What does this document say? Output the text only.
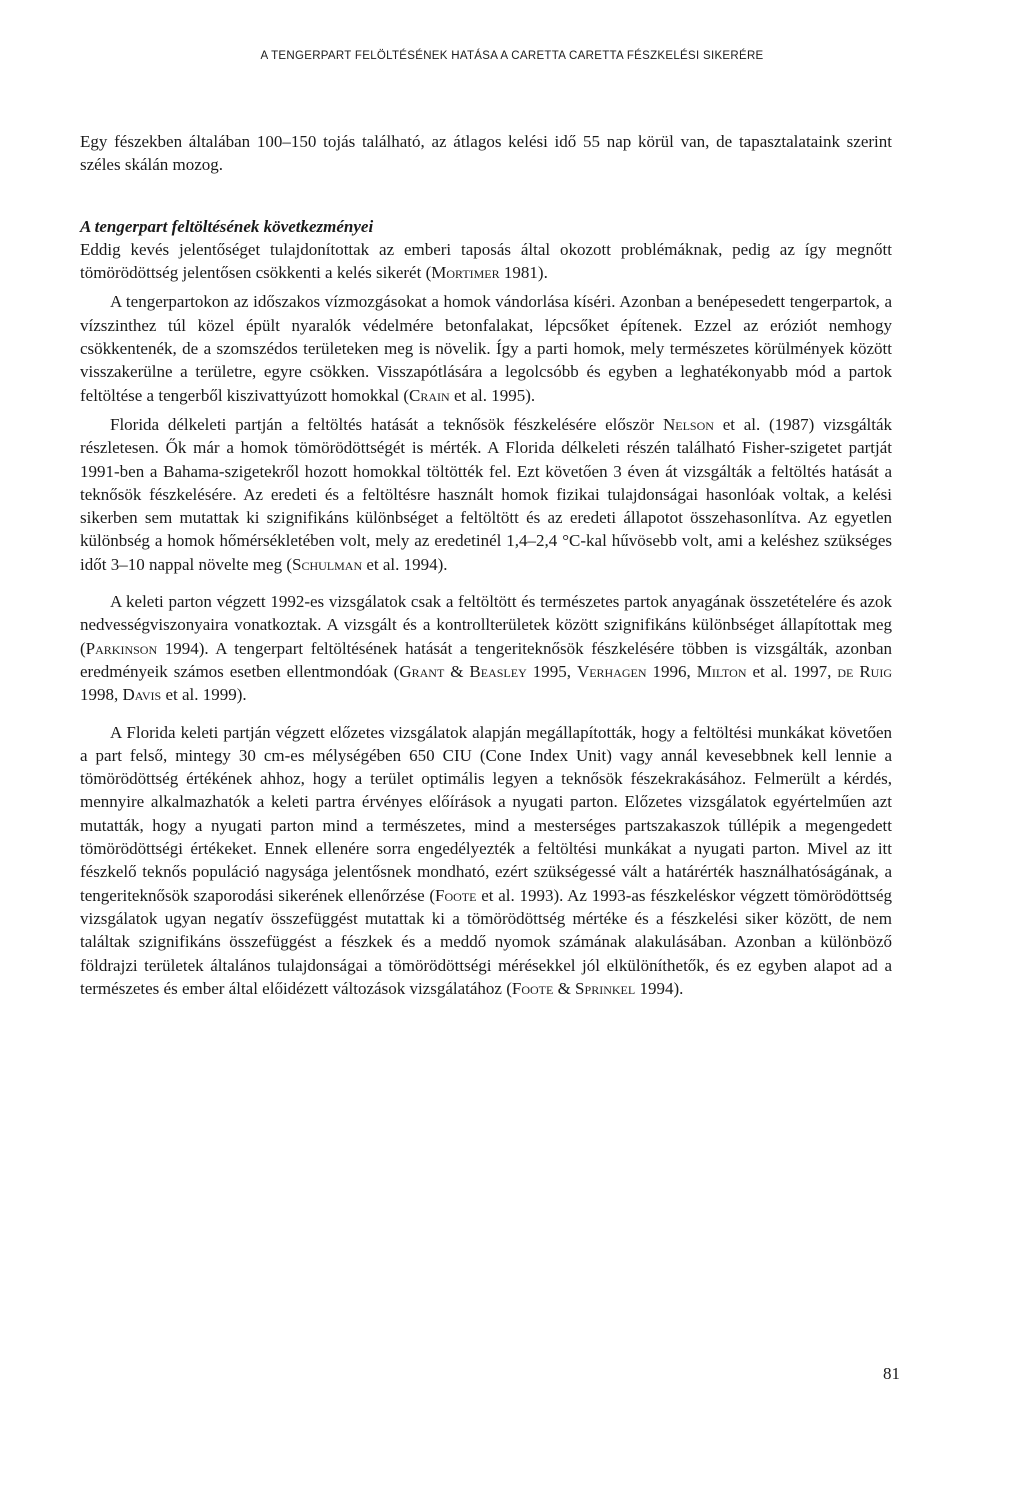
A TENGERPART FELÖLTÉSÉNEK HATÁSA A CARETTA CARETTA FÉSZKELÉSI SIKERÉRE

Egy fészekben általában 100–150 tojás található, az átlagos kelési idő 55 nap körül van, de tapasztalataink szerint széles skálán mozog.

A tengerpart feltöltésének következményei

Eddig kevés jelentőséget tulajdonítottak az emberi taposás által okozott problémáknak, pedig az így megnőtt tömörödöttség jelentősen csökkenti a kelés sikerét (Mortimer 1981).

A tengerpartokon az időszakos vízmozgásokat a homok vándorlása kíséri. Azonban a benépesedett tengerpartok, a vízszinthez túl közel épült nyaralók védelmére betonfalakat, lépcsőket építenek. Ezzel az eróziót nemhogy csökkentenék, de a szomszédos területeken meg is növelik. Így a parti homok, mely természetes körülmények között visszakerülne a területre, egyre csökken. Visszapótlására a legolcsóbb és egyben a leghatékonyabb mód a partok feltöltése a tengerből kiszivattyúzott homokkal (Crain et al. 1995).

Florida délkeleti partján a feltöltés hatását a teknősök fészkelésére először Nelson et al. (1987) vizsgálták részletesen. Ők már a homok tömörödöttségét is mérték. A Florida délkeleti részén található Fisher-szigetet partját 1991-ben a Bahama-szigetekről hozott homokkal töltötték fel. Ezt követően 3 éven át vizsgálták a feltöltés hatását a teknősök fészkelésére. Az eredeti és a feltöltésre használt homok fizikai tulajdonságai hasonlóak voltak, a kelési sikerben sem mutattak ki szignifikáns különbséget a feltöltött és az eredeti állapotot összehasonlítva. Az egyetlen különbség a homok hőmérsékletében volt, mely az eredetinél 1,4–2,4 °C-kal hűvösebb volt, ami a keléshez szükséges időt 3–10 nappal növelte meg (Schulman et al. 1994).

A keleti parton végzett 1992-es vizsgálatok csak a feltöltött és természetes partok anyagának összetételére és azok nedvességviszonyaira vonatkoztak. A vizsgált és a kontrollterületek között szignifikáns különbséget állapítottak meg (Parkinson 1994). A tengerpart feltöltésének hatását a tengeriteknősök fészkelésére többen is vizsgálták, azonban eredményeik számos esetben ellentmondóak (Grant & Beasley 1995, Verhagen 1996, Milton et al. 1997, de Ruig 1998, Davis et al. 1999).

A Florida keleti partján végzett előzetes vizsgálatok alapján megállapították, hogy a feltöltési munkákat követően a part felső, mintegy 30 cm-es mélységében 650 CIU (Cone Index Unit) vagy annál kevesebbnek kell lennie a tömörödöttség értékének ahhoz, hogy a terület optimális legyen a teknősök fészekrakásához. Felmerült a kérdés, mennyire alkalmazhatók a keleti partra érvényes előírások a nyugati parton. Előzetes vizsgálatok egyértelműen azt mutatták, hogy a nyugati parton mind a természetes, mind a mesterséges partszakaszok túllépik a megengedett tömörödöttségi értékeket. Ennek ellenére sorra engedélyezték a feltöltési munkákat a nyugati parton. Mivel az itt fészkelő teknős populáció nagysága jelentősnek mondható, ezért szükségessé vált a határérték használhatóságának, a tengeriteknősök szaporodási sikerének ellenőrzése (Foote et al. 1993). Az 1993-as fészkeléskor végzett tömörödöttség vizsgálatok ugyan negatív összefüggést mutattak ki a tömörödöttség mértéke és a fészkelési siker között, de nem találtak szignifikáns összefüggést a fészkek és a meddő nyomok számának alakulásában. Azonban a különböző földrajzi területek általános tulajdonságai a tömörödöttségi mérésekkel jól elkülöníthetők, és ez egyben alapot ad a természetes és ember által előidézett változások vizsgálatához (Foote & Sprinkel 1994).

81
